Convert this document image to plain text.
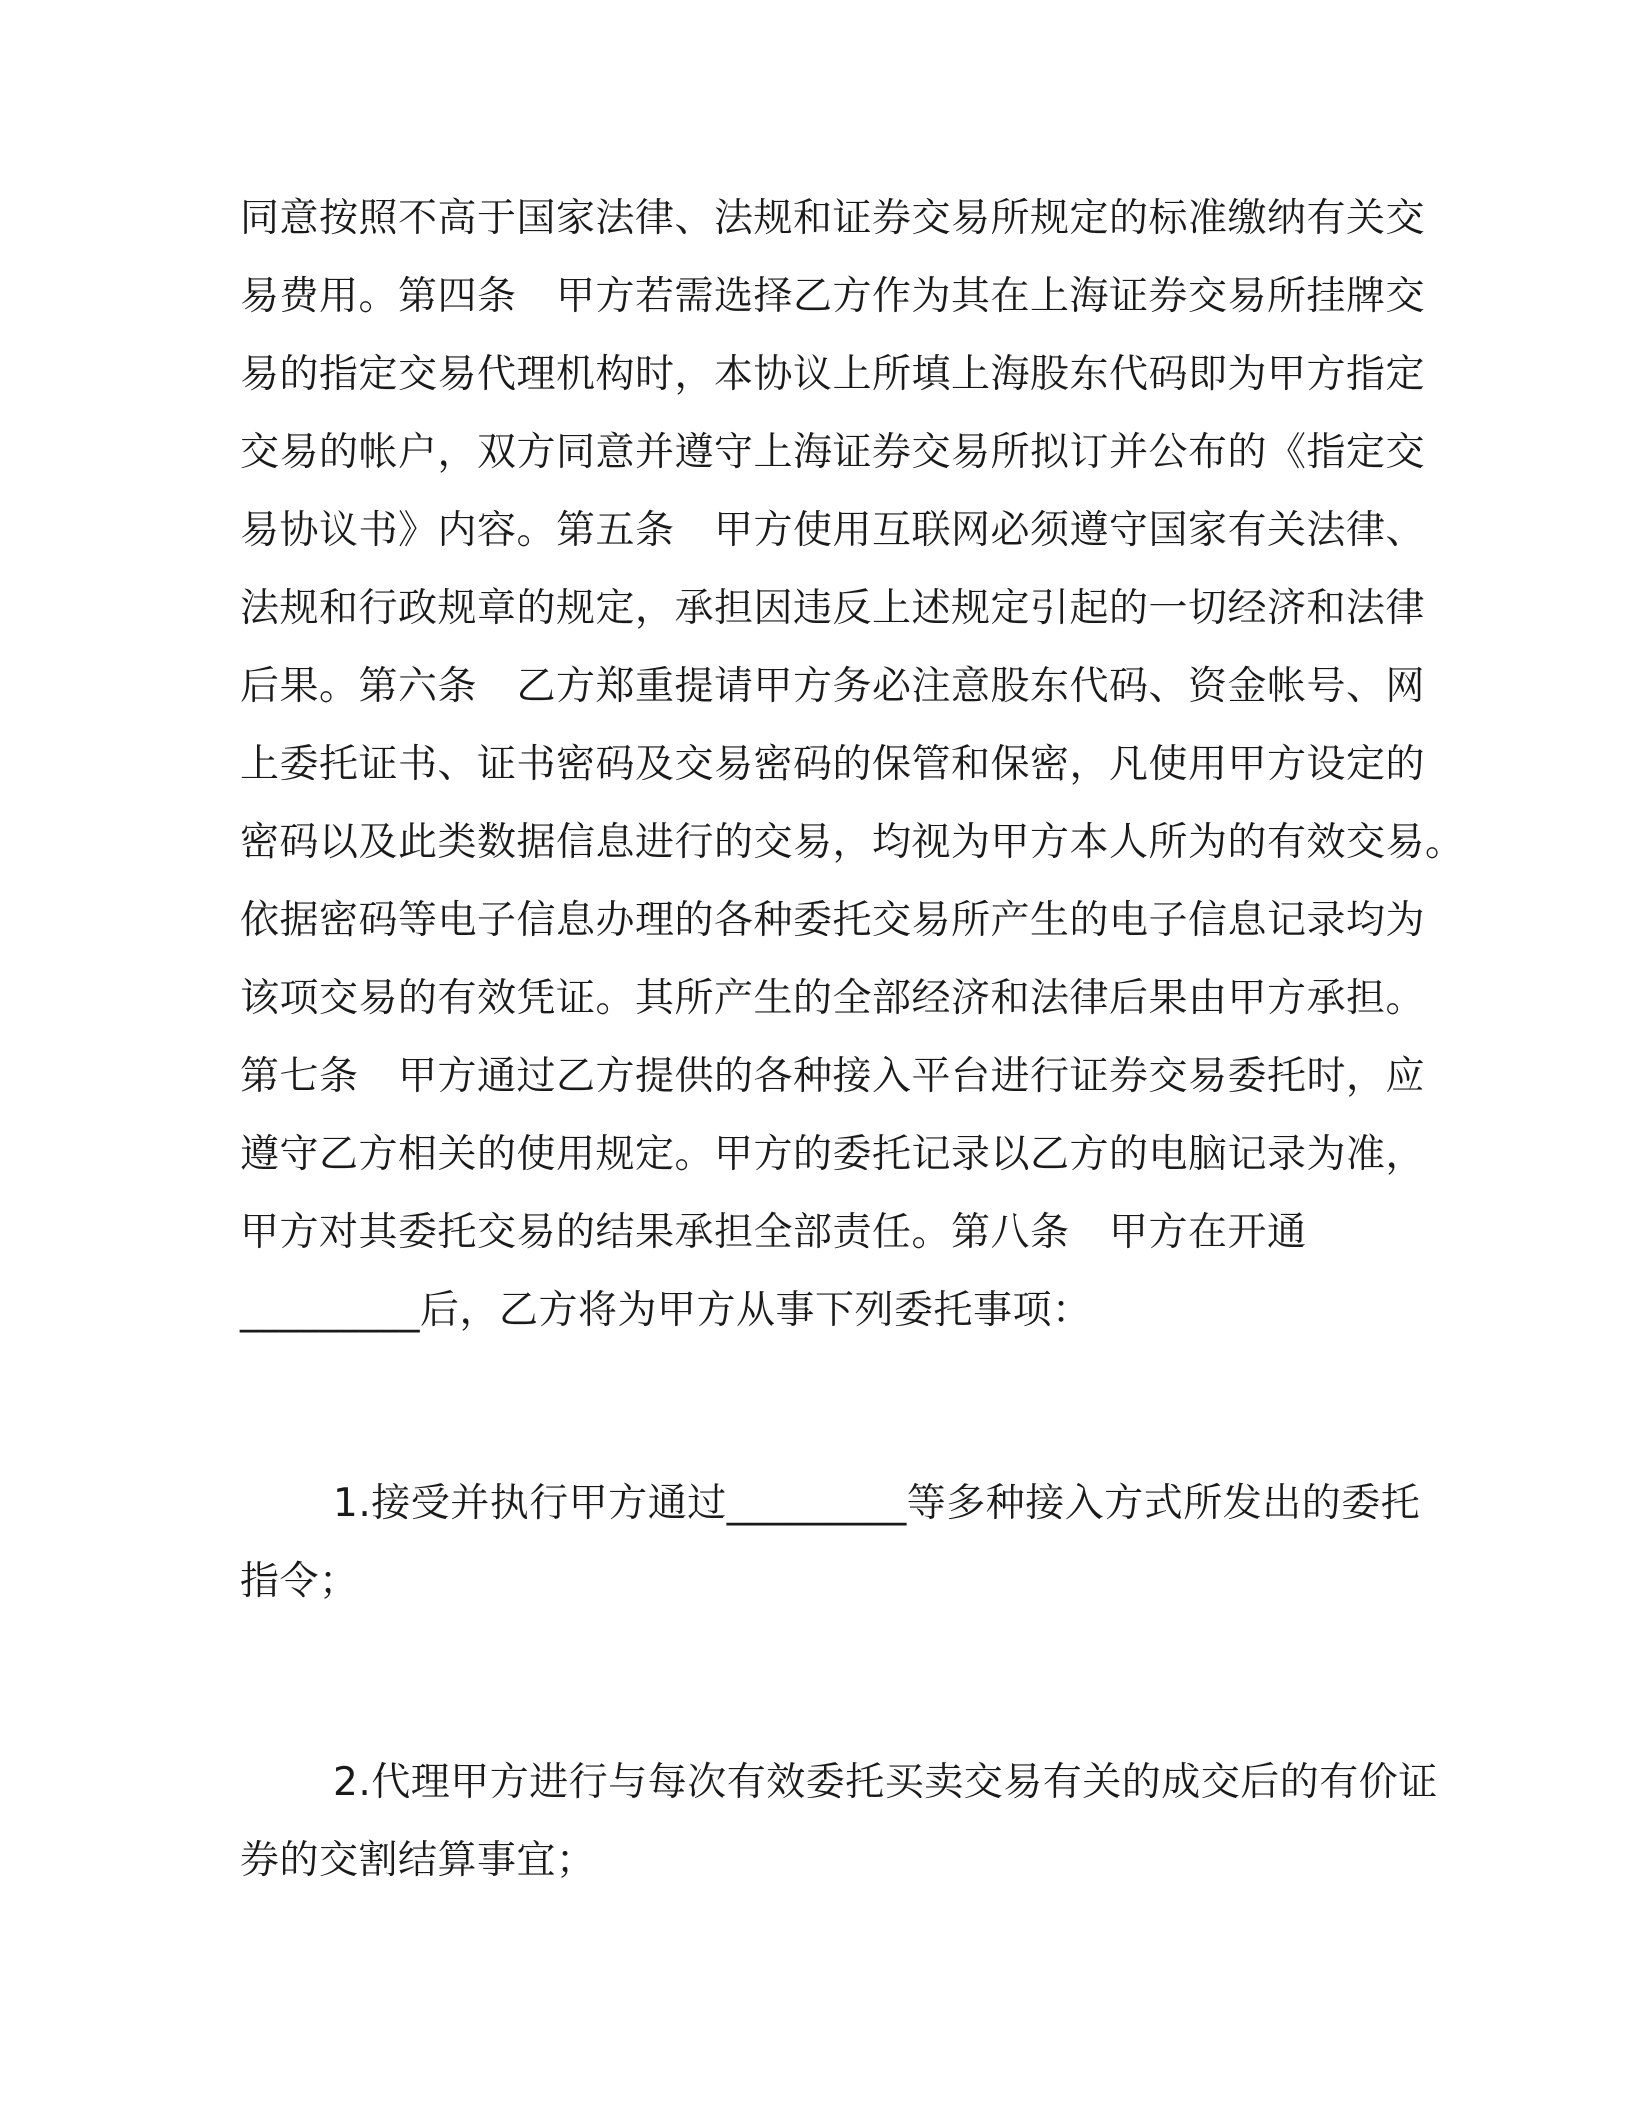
同意按照不高于国家法律、法规和证券交易所规定的标准缴纳有关交
易费用。第四条　甲方若需选择乙方作为其在上海证券交易所挂牌交
易的指定交易代理机构时，本协议上所填上海股东代码即为甲方指定
交易的帐户，双方同意并遵守上海证券交易所拟订并公布的《指定交
易协议书》内容。第五条　甲方使用互联网必须遵守国家有关法律、
法规和行政规章的规定，承担因违反上述规定引起的一切经济和法律
后果。第六条　乙方郑重提请甲方务必注意股东代码、资金帐号、网
上委托证书、证书密码及交易密码的保管和保密，凡使用甲方设定的
密码以及此类数据信息进行的交易，均视为甲方本人所为的有效交易。
依据密码等电子信息办理的各种委托交易所产生的电子信息记录均为
该项交易的有效凭证。其所产生的全部经济和法律后果由甲方承担。
第七条　甲方通过乙方提供的各种接入平台进行证券交易委托时，应
遵守乙方相关的使用规定。甲方的委托记录以乙方的电脑记录为准，
甲方对其委托交易的结果承担全部责任。第八条　甲方在开通
_________后，乙方将为甲方从事下列委托事项：
1.接受并执行甲方通过_________等多种接入方式所发出的委托
指令；
2.代理甲方进行与每次有效委托买卖交易有关的成交后的有价证
券的交割结算事宜；
